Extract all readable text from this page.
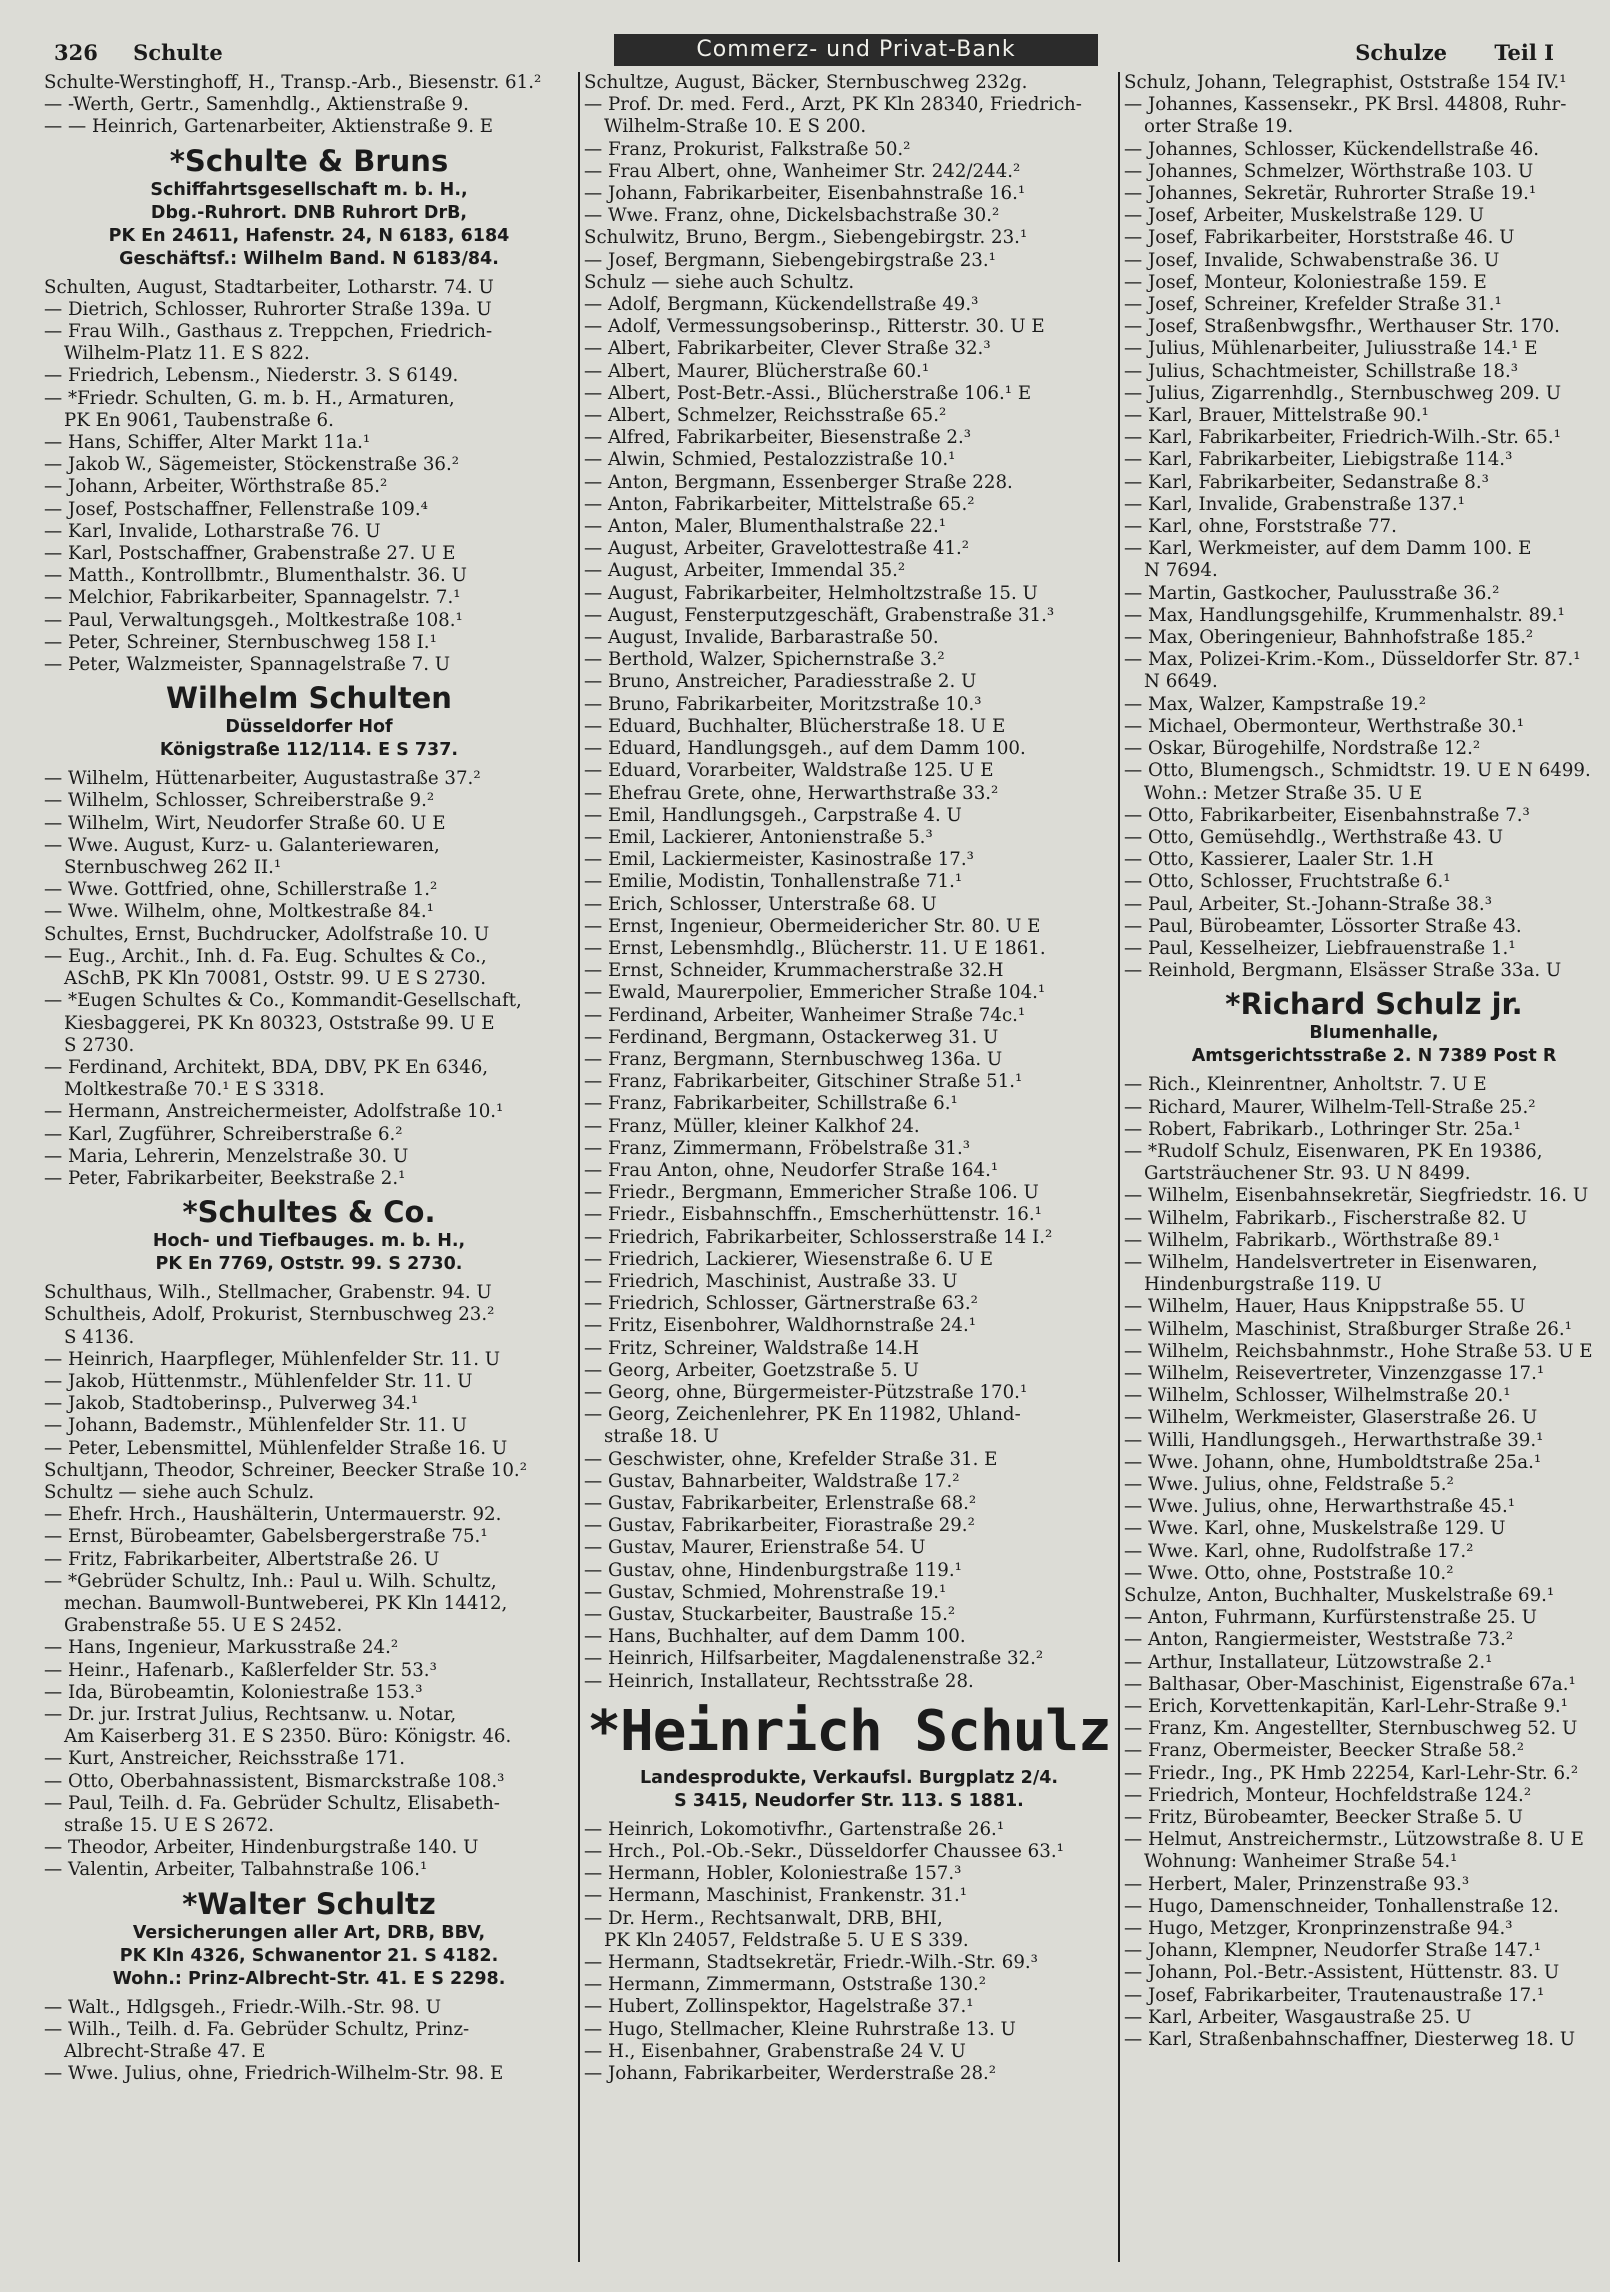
326 Schulte	Commerz- und Privat-Bank	Schulze Teil I
Schulte-Werstinghoff, H., Transp.-Arb., Biesenstr. 61.²
— -Werth, Gertr., Samenhdlg., Aktienstraße 9.
— — Heinrich, Gartenarbeiter, Aktienstraße 9. E
*Schulte & Bruns
Schiffahrtsgesellschaft m. b. H.,
Dbg.-Ruhrort. DNB Ruhrort DrB,
PK En 24611, Hafenstr. 24, N 6183, 6184
Geschäftsf.: Wilhelm Band. N 6183/84.
Schulten, August, Stadtarbeiter, Lotharstr. 74. U
— Dietrich, Schlosser, Ruhrorter Straße 139a. U
— Frau Wilh., Gasthaus z. Treppchen, Friedrich-
Wilhelm-Platz 11. E S 822.
— Friedrich, Lebensm., Niederstr. 3. S 6149.
— *Friedr. Schulten, G. m. b. H., Armaturen,
PK En 9061, Taubenstraße 6.
— Hans, Schiffer, Alter Markt 11a.¹
— Jakob W., Sägemeister, Stöckenstraße 36.²
— Johann, Arbeiter, Wörthstraße 85.²
— Josef, Postschaffner, Fellenstraße 109.⁴
— Karl, Invalide, Lotharstraße 76. U
— Karl, Postschaffner, Grabenstraße 27. U E
— Matth., Kontrollbmtr., Blumenthalstr. 36. U
— Melchior, Fabrikarbeiter, Spannagelstr. 7.¹
— Paul, Verwaltungsgeh., Moltkestraße 108.¹
— Peter, Schreiner, Sternbuschweg 158 I.¹
— Peter, Walzmeister, Spannagelstraße 7. U
Wilhelm Schulten
Düsseldorfer Hof
Königstraße 112/114. E S 737.
— Wilhelm, Hüttenarbeiter, Augustastraße 37.²
— Wilhelm, Schlosser, Schreiberstraße 9.²
— Wilhelm, Wirt, Neudorfer Straße 60. U E
— Wwe. August, Kurz- u. Galanteriewaren,
Sternbuschweg 262 II.¹
— Wwe. Gottfried, ohne, Schillerstraße 1.²
— Wwe. Wilhelm, ohne, Moltkestraße 84.¹
Schultes, Ernst, Buchdrucker, Adolfstraße 10. U
— Eug., Archit., Inh. d. Fa. Eug. Schultes & Co.,
ASchB, PK Kln 70081, Oststr. 99. U E S 2730.
— *Eugen Schultes & Co., Kommandit-Gesellschaft,
Kiesbaggerei, PK Kn 80323, Oststraße 99. U E
S 2730.
— Ferdinand, Architekt, BDA, DBV, PK En 6346,
Moltkestraße 70.¹ E S 3318.
— Hermann, Anstreichermeister, Adolfstraße 10.¹
— Karl, Zugführer, Schreiberstraße 6.²
— Maria, Lehrerin, Menzelstraße 30. U
— Peter, Fabrikarbeiter, Beekstraße 2.¹
*Schultes & Co.
Hoch- und Tiefbauges. m. b. H.,
PK En 7769, Oststr. 99. S 2730.
Schulthaus, Wilh., Stellmacher, Grabenstr. 94. U
Schultheis, Adolf, Prokurist, Sternbuschweg 23.²
S 4136.
— Heinrich, Haarpfleger, Mühlenfelder Str. 11. U
— Jakob, Hüttenmstr., Mühlenfelder Str. 11. U
— Jakob, Stadtoberinsp., Pulverweg 34.¹
— Johann, Bademstr., Mühlenfelder Str. 11. U
— Peter, Lebensmittel, Mühlenfelder Straße 16. U
Schultjann, Theodor, Schreiner, Beecker Straße 10.²
Schultz — siehe auch Schulz.
— Ehefr. Hrch., Haushälterin, Untermauerstr. 92.
— Ernst, Bürobeamter, Gabelsbergerstraße 75.¹
— Fritz, Fabrikarbeiter, Albertstraße 26. U
— *Gebrüder Schultz, Inh.: Paul u. Wilh. Schultz,
mechan. Baumwoll-Buntweberei, PK Kln 14412,
Grabenstraße 55. U E S 2452.
— Hans, Ingenieur, Markusstraße 24.²
— Heinr., Hafenarb., Kaßlerfelder Str. 53.³
— Ida, Bürobeamtin, Koloniestraße 153.³
— Dr. jur. Irstrat Julius, Rechtsanw. u. Notar,
Am Kaiserberg 31. E S 2350. Büro: Königstr. 46.
— Kurt, Anstreicher, Reichsstraße 171.
— Otto, Oberbahnassistent, Bismarckstraße 108.³
— Paul, Teilh. d. Fa. Gebrüder Schultz, Elisabeth-
straße 15. U E S 2672.
— Theodor, Arbeiter, Hindenburgstraße 140. U
— Valentin, Arbeiter, Talbahnstraße 106.¹
*Walter Schultz
Versicherungen aller Art, DRB, BBV,
PK Kln 4326, Schwanentor 21. S 4182.
Wohn.: Prinz-Albrecht-Str. 41. E S 2298.
— Walt., Hdlgsgeh., Friedr.-Wilh.-Str. 98. U
— Wilh., Teilh. d. Fa. Gebrüder Schultz, Prinz-
Albrecht-Straße 47. E
— Wwe. Julius, ohne, Friedrich-Wilhelm-Str. 98. E
Schultze, August, Bäcker, Sternbuschweg 232g.
— Prof. Dr. med. Ferd., Arzt, PK Kln 28340, Friedrich-
Wilhelm-Straße 10. E S 200.
— Franz, Prokurist, Falkstraße 50.²
— Frau Albert, ohne, Wanheimer Str. 242/244.²
— Johann, Fabrikarbeiter, Eisenbahnstraße 16.¹
— Wwe. Franz, ohne, Dickelsbachstraße 30.²
Schulwitz, Bruno, Bergm., Siebengebirgstr. 23.¹
— Josef, Bergmann, Siebengebirgstraße 23.¹
Schulz — siehe auch Schultz.
— Adolf, Bergmann, Kückendellstraße 49.³
— Adolf, Vermessungsoberinsp., Ritterstr. 30. U E
— Albert, Fabrikarbeiter, Clever Straße 32.³
— Albert, Maurer, Blücherstraße 60.¹
— Albert, Post-Betr.-Assi., Blücherstraße 106.¹ E
— Albert, Schmelzer, Reichsstraße 65.²
— Alfred, Fabrikarbeiter, Biesenstraße 2.³
— Alwin, Schmied, Pestalozzistraße 10.¹
— Anton, Bergmann, Essenberger Straße 228.
— Anton, Fabrikarbeiter, Mittelstraße 65.²
— Anton, Maler, Blumenthalstraße 22.¹
— August, Arbeiter, Gravelottestraße 41.²
— August, Arbeiter, Immendal 35.²
— August, Fabrikarbeiter, Helmholtzstraße 15. U
— August, Fensterputzgeschäft, Grabenstraße 31.³
— August, Invalide, Barbarastraße 50.
— Berthold, Walzer, Spichernstraße 3.²
— Bruno, Anstreicher, Paradiesstraße 2. U
— Bruno, Fabrikarbeiter, Moritzstraße 10.³
— Eduard, Buchhalter, Blücherstraße 18. U E
— Eduard, Handlungsgeh., auf dem Damm 100.
— Eduard, Vorarbeiter, Waldstraße 125. U E
— Ehefrau Grete, ohne, Herwarthstraße 33.²
— Emil, Handlungsgeh., Carpstraße 4. U
— Emil, Lackierer, Antonienstraße 5.³
— Emil, Lackiermeister, Kasinostraße 17.³
— Emilie, Modistin, Tonhallenstraße 71.¹
— Erich, Schlosser, Unterstraße 68. U
— Ernst, Ingenieur, Obermeidericher Str. 80. U E
— Ernst, Lebensmhdlg., Blücherstr. 11. U E 1861.
— Ernst, Schneider, Krummacherstraße 32.H
— Ewald, Maurerpolier, Emmericher Straße 104.¹
— Ferdinand, Arbeiter, Wanheimer Straße 74c.¹
— Ferdinand, Bergmann, Ostackerweg 31. U
— Franz, Bergmann, Sternbuschweg 136a. U
— Franz, Fabrikarbeiter, Gitschiner Straße 51.¹
— Franz, Fabrikarbeiter, Schillstraße 6.¹
— Franz, Müller, kleiner Kalkhof 24.
— Franz, Zimmermann, Fröbelstraße 31.³
— Frau Anton, ohne, Neudorfer Straße 164.¹
— Friedr., Bergmann, Emmericher Straße 106. U
— Friedr., Eisbahnschffn., Emscherhüttenstr. 16.¹
— Friedrich, Fabrikarbeiter, Schlosserstraße 14 I.²
— Friedrich, Lackierer, Wiesenstraße 6. U E
— Friedrich, Maschinist, Austraße 33. U
— Friedrich, Schlosser, Gärtnerstraße 63.²
— Fritz, Eisenbohrer, Waldhornstraße 24.¹
— Fritz, Schreiner, Waldstraße 14.H
— Georg, Arbeiter, Goetzstraße 5. U
— Georg, ohne, Bürgermeister-Pützstraße 170.¹
— Georg, Zeichenlehrer, PK En 11982, Uhland-
straße 18. U
— Geschwister, ohne, Krefelder Straße 31. E
— Gustav, Bahnarbeiter, Waldstraße 17.²
— Gustav, Fabrikarbeiter, Erlenstraße 68.²
— Gustav, Fabrikarbeiter, Fiorastraße 29.²
— Gustav, Maurer, Erienstraße 54. U
— Gustav, ohne, Hindenburgstraße 119.¹
— Gustav, Schmied, Mohrenstraße 19.¹
— Gustav, Stuckarbeiter, Baustraße 15.²
— Hans, Buchhalter, auf dem Damm 100.
— Heinrich, Hilfsarbeiter, Magdalenenstraße 32.²
— Heinrich, Installateur, Rechtsstraße 28.
*Heinrich Schulz
Landesprodukte, Verkaufsl. Burgplatz 2/4.
S 3415, Neudorfer Str. 113. S 1881.
— Heinrich, Lokomotivfhr., Gartenstraße 26.¹
— Hrch., Pol.-Ob.-Sekr., Düsseldorfer Chaussee 63.¹
— Hermann, Hobler, Koloniestraße 157.³
— Hermann, Maschinist, Frankenstr. 31.¹
— Dr. Herm., Rechtsanwalt, DRB, BHI,
PK Kln 24057, Feldstraße 5. U E S 339.
— Hermann, Stadtsekretär, Friedr.-Wilh.-Str. 69.³
— Hermann, Zimmermann, Oststraße 130.²
— Hubert, Zollinspektor, Hagelstraße 37.¹
— Hugo, Stellmacher, Kleine Ruhrstraße 13. U
— H., Eisenbahner, Grabenstraße 24 V. U
— Johann, Fabrikarbeiter, Werderstraße 28.²
Schulz, Johann, Telegraphist, Oststraße 154 IV.¹
— Johannes, Kassensekr., PK Brsl. 44808, Ruhr-
orter Straße 19.
— Johannes, Schlosser, Kückendellstraße 46.
— Johannes, Schmelzer, Wörthstraße 103. U
— Johannes, Sekretär, Ruhrorter Straße 19.¹
— Josef, Arbeiter, Muskelstraße 129. U
— Josef, Fabrikarbeiter, Horststraße 46. U
— Josef, Invalide, Schwabenstraße 36. U
— Josef, Monteur, Koloniestraße 159. E
— Josef, Schreiner, Krefelder Straße 31.¹
— Josef, Straßenbwgsfhr., Werthauser Str. 170.
— Julius, Mühlenarbeiter, Juliusstraße 14.¹ E
— Julius, Schachtmeister, Schillstraße 18.³
— Julius, Zigarrenhdlg., Sternbuschweg 209. U
— Karl, Brauer, Mittelstraße 90.¹
— Karl, Fabrikarbeiter, Friedrich-Wilh.-Str. 65.¹
— Karl, Fabrikarbeiter, Liebigstraße 114.³
— Karl, Fabrikarbeiter, Sedanstraße 8.³
— Karl, Invalide, Grabenstraße 137.¹
— Karl, ohne, Forststraße 77.
— Karl, Werkmeister, auf dem Damm 100. E
N 7694.
— Martin, Gastkocher, Paulusstraße 36.²
— Max, Handlungsgehilfe, Krummenhalstr. 89.¹
— Max, Oberingenieur, Bahnhofstraße 185.²
— Max, Polizei-Krim.-Kom., Düsseldorfer Str. 87.¹
N 6649.
— Max, Walzer, Kampstraße 19.²
— Michael, Obermonteur, Werthstraße 30.¹
— Oskar, Bürogehilfe, Nordstraße 12.²
— Otto, Blumengsch., Schmidtstr. 19. U E N 6499.
Wohn.: Metzer Straße 35. U E
— Otto, Fabrikarbeiter, Eisenbahnstraße 7.³
— Otto, Gemüsehdlg., Werthstraße 43. U
— Otto, Kassierer, Laaler Str. 1.H
— Otto, Schlosser, Fruchtstraße 6.¹
— Paul, Arbeiter, St.-Johann-Straße 38.³
— Paul, Bürobeamter, Lössorter Straße 43.
— Paul, Kesselheizer, Liebfrauenstraße 1.¹
— Reinhold, Bergmann, Elsässer Straße 33a. U
*Richard Schulz jr.
Blumenhalle,
Amtsgerichtsstraße 2. N 7389 Post R
— Rich., Kleinrentner, Anholtstr. 7. U E
— Richard, Maurer, Wilhelm-Tell-Straße 25.²
— Robert, Fabrikarb., Lothringer Str. 25a.¹
— *Rudolf Schulz, Eisenwaren, PK En 19386,
Gartsträuchener Str. 93. U N 8499.
— Wilhelm, Eisenbahnsekretär, Siegfriedstr. 16. U
— Wilhelm, Fabrikarb., Fischerstraße 82. U
— Wilhelm, Fabrikarb., Wörthstraße 89.¹
— Wilhelm, Handelsvertreter in Eisenwaren,
Hindenburgstraße 119. U
— Wilhelm, Hauer, Haus Knippstraße 55. U
— Wilhelm, Maschinist, Straßburger Straße 26.¹
— Wilhelm, Reichsbahnmstr., Hohe Straße 53. U E
— Wilhelm, Reisevertreter, Vinzenzgasse 17.¹
— Wilhelm, Schlosser, Wilhelmstraße 20.¹
— Wilhelm, Werkmeister, Glaserstraße 26. U
— Willi, Handlungsgeh., Herwarthstraße 39.¹
— Wwe. Johann, ohne, Humboldtstraße 25a.¹
— Wwe. Julius, ohne, Feldstraße 5.²
— Wwe. Julius, ohne, Herwarthstraße 45.¹
— Wwe. Karl, ohne, Muskelstraße 129. U
— Wwe. Karl, ohne, Rudolfstraße 17.²
— Wwe. Otto, ohne, Poststraße 10.²
Schulze, Anton, Buchhalter, Muskelstraße 69.¹
— Anton, Fuhrmann, Kurfürstenstraße 25. U
— Anton, Rangiermeister, Weststraße 73.²
— Arthur, Installateur, Lützowstraße 2.¹
— Balthasar, Ober-Maschinist, Eigenstraße 67a.¹
— Erich, Korvettenkapitän, Karl-Lehr-Straße 9.¹
— Franz, Km. Angestellter, Sternbuschweg 52. U
— Franz, Obermeister, Beecker Straße 58.²
— Friedr., Ing., PK Hmb 22254, Karl-Lehr-Str. 6.²
— Friedrich, Monteur, Hochfeldstraße 124.²
— Fritz, Bürobeamter, Beecker Straße 5. U
— Helmut, Anstreichermstr., Lützowstraße 8. U E
Wohnung: Wanheimer Straße 54.¹
— Herbert, Maler, Prinzenstraße 93.³
— Hugo, Damenschneider, Tonhallenstraße 12.
— Hugo, Metzger, Kronprinzenstraße 94.³
— Johann, Klempner, Neudorfer Straße 147.¹
— Johann, Pol.-Betr.-Assistent, Hüttenstr. 83. U
— Josef, Fabrikarbeiter, Trautenaustraße 17.¹
— Karl, Arbeiter, Wasgaustraße 25. U
— Karl, Straßenbahnschaffner, Diesterweg 18. U
